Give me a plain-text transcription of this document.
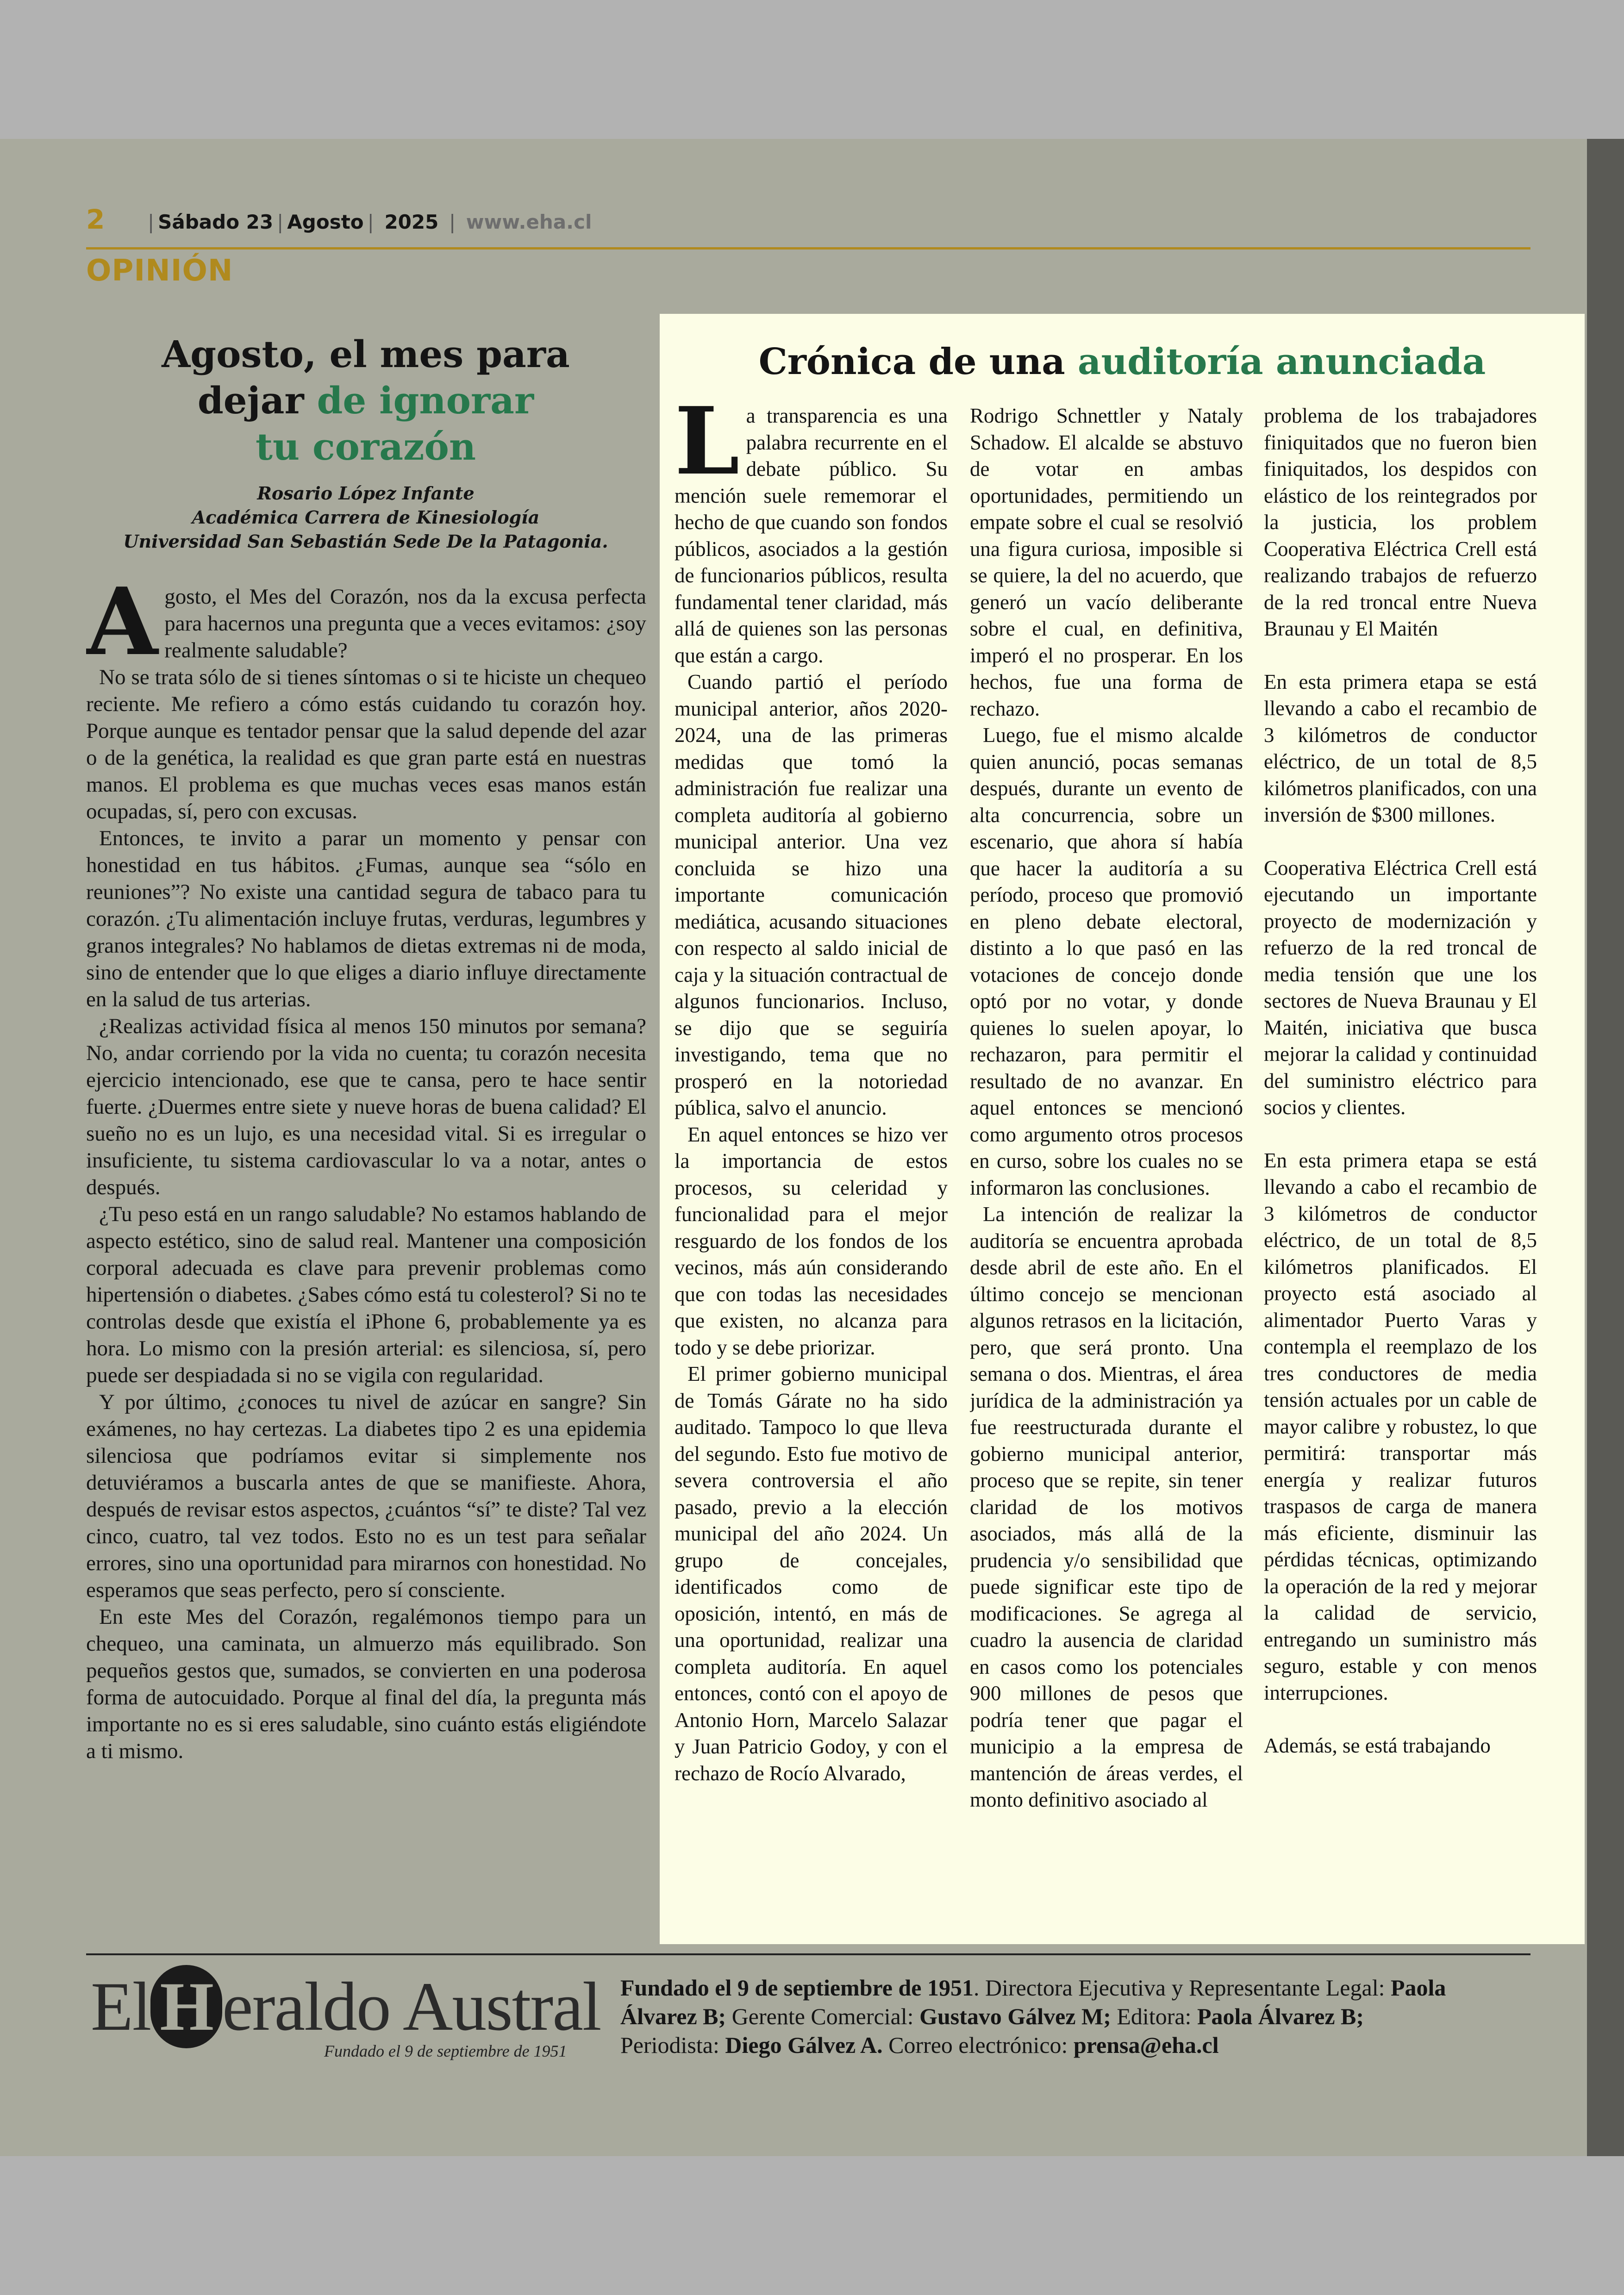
2 | Sábado 23 | Agosto | 2025 | www.eha.cl
OPINIÓN
Agosto, el mes para
dejar de ignorar
tu corazón
Rosario López Infante
Académica Carrera de Kinesiología
Universidad San Sebastián Sede De la Patagonia.

Agosto, el Mes del Corazón, nos da la excusa perfecta para hacernos una pregunta que a veces evitamos: ¿soy realmente saludable?

No se trata sólo de si tienes síntomas o si te hiciste un chequeo reciente. Me refiero a cómo estás cuidando tu corazón hoy. Porque aunque es tentador pensar que la salud depende del azar o de la genética, la realidad es que gran parte está en nuestras manos. El problema es que muchas veces esas manos están ocupadas, sí, pero con excusas.

Entonces, te invito a parar un momento y pensar con honestidad en tus hábitos. ¿Fumas, aunque sea “sólo en reuniones”? No existe una cantidad segura de tabaco para tu corazón. ¿Tu alimentación incluye frutas, verduras, legumbres y granos integrales? No hablamos de dietas extremas ni de moda, sino de entender que lo que eliges a diario influye directamente en la salud de tus arterias.

¿Realizas actividad física al menos 150 minutos por semana? No, andar corriendo por la vida no cuenta; tu corazón necesita ejercicio intencionado, ese que te cansa, pero te hace sentir fuerte. ¿Duermes entre siete y nueve horas de buena calidad? El sueño no es un lujo, es una necesidad vital. Si es irregular o insuficiente, tu sistema cardiovascular lo va a notar, antes o después.

¿Tu peso está en un rango saludable? No estamos hablando de aspecto estético, sino de salud real. Mantener una composición corporal adecuada es clave para prevenir problemas como hipertensión o diabetes. ¿Sabes cómo está tu colesterol? Si no te controlas desde que existía el iPhone 6, probablemente ya es hora. Lo mismo con la presión arterial: es silenciosa, sí, pero puede ser despiadada si no se vigila con regularidad.

Y por último, ¿conoces tu nivel de azúcar en sangre? Sin exámenes, no hay certezas. La diabetes tipo 2 es una epidemia silenciosa que podríamos evitar si simplemente nos detuviéramos a buscarla antes de que se manifieste. Ahora, después de revisar estos aspectos, ¿cuántos “sí” te diste? Tal vez cinco, cuatro, tal vez todos. Esto no es un test para señalar errores, sino una oportunidad para mirarnos con honestidad. No esperamos que seas perfecto, pero sí consciente.

En este Mes del Corazón, regalémonos tiempo para un chequeo, una caminata, un almuerzo más equilibrado. Son pequeños gestos que, sumados, se convierten en una poderosa forma de autocuidado. Porque al final del día, la pregunta más importante no es si eres saludable, sino cuánto estás eligiéndote a ti mismo.

Crónica de una auditoría anunciada

La transparencia es una palabra recurrente en el debate público. Su mención suele rememorar el hecho de que cuando son fondos públicos, asociados a la gestión de funcionarios públicos, resulta fundamental tener claridad, más allá de quienes son las personas que están a cargo.

Cuando partió el período municipal anterior, años 2020-2024, una de las primeras medidas que tomó la administración fue realizar una completa auditoría al gobierno municipal anterior. Una vez concluida se hizo una importante comunicación mediática, acusando situaciones con respecto al saldo inicial de caja y la situación contractual de algunos funcionarios. Incluso, se dijo que se seguiría investigando, tema que no prosperó en la notoriedad pública, salvo el anuncio.

En aquel entonces se hizo ver la importancia de estos procesos, su celeridad y funcionalidad para el mejor resguardo de los fondos de los vecinos, más aún considerando que con todas las necesidades que existen, no alcanza para todo y se debe priorizar.

El primer gobierno municipal de Tomás Gárate no ha sido auditado. Tampoco lo que lleva del segundo. Esto fue motivo de severa controversia el año pasado, previo a la elección municipal del año 2024. Un grupo de concejales, identificados como de oposición, intentó, en más de una oportunidad, realizar una completa auditoría. En aquel entonces, contó con el apoyo de Antonio Horn, Marcelo Salazar y Juan Patricio Godoy, y con el rechazo de Rocío Alvarado,

Rodrigo Schnettler y Nataly Schadow. El alcalde se abstuvo de votar en ambas oportunidades, permitiendo un empate sobre el cual se resolvió una figura curiosa, imposible si se quiere, la del no acuerdo, que generó un vacío deliberante sobre el cual, en definitiva, imperó el no prosperar. En los hechos, fue una forma de rechazo.

Luego, fue el mismo alcalde quien anunció, pocas semanas después, durante un evento de alta concurrencia, sobre un escenario, que ahora sí había que hacer la auditoría a su período, proceso que promovió en pleno debate electoral, distinto a lo que pasó en las votaciones de concejo donde optó por no votar, y donde quienes lo suelen apoyar, lo rechazaron, para permitir el resultado de no avanzar. En aquel entonces se mencionó como argumento otros procesos en curso, sobre los cuales no se informaron las conclusiones.

La intención de realizar la auditoría se encuentra aprobada desde abril de este año. En el último concejo se mencionan algunos retrasos en la licitación, pero, que será pronto. Una semana o dos. Mientras, el área jurídica de la administración ya fue reestructurada durante el gobierno municipal anterior, proceso que se repite, sin tener claridad de los motivos asociados, más allá de la prudencia y/o sensibilidad que puede significar este tipo de modificaciones. Se agrega al cuadro la ausencia de claridad en casos como los potenciales 900 millones de pesos que podría tener que pagar el municipio a la empresa de mantención de áreas verdes, el monto definitivo asociado al

problema de los trabajadores finiquitados que no fueron bien finiquitados, los despidos con elástico de los reintegrados por la justicia, los problem Cooperativa Eléctrica Crell está realizando trabajos de refuerzo de la red troncal entre Nueva Braunau y El Maitén

En esta primera etapa se está llevando a cabo el recambio de 3 kilómetros de conductor eléctrico, de un total de 8,5 kilómetros planificados, con una inversión de $300 millones.

Cooperativa Eléctrica Crell está ejecutando un importante proyecto de modernización y refuerzo de la red troncal de media tensión que une los sectores de Nueva Braunau y El Maitén, iniciativa que busca mejorar la calidad y continuidad del suministro eléctrico para socios y clientes.

En esta primera etapa se está llevando a cabo el recambio de 3 kilómetros de conductor eléctrico, de un total de 8,5 kilómetros planificados. El proyecto está asociado al alimentador Puerto Varas y contempla el reemplazo de los tres conductores de media tensión actuales por un cable de mayor calibre y robustez, lo que permitirá: transportar más energía y realizar futuros traspasos de carga de manera más eficiente, disminuir las pérdidas técnicas, optimizando la operación de la red y mejorar la calidad de servicio, entregando un suministro más seguro, estable y con menos interrupciones.

Además, se está trabajando

El H eraldo Austral
Fundado el 9 de septiembre de 1951
Fundado el 9 de septiembre de 1951. Directora Ejecutiva y Representante Legal: Paola Álvarez B; Gerente Comercial: Gustavo Gálvez M; Editora: Paola Álvarez B;
Periodista: Diego Gálvez A. Correo electrónico: prensa@eha.cl
